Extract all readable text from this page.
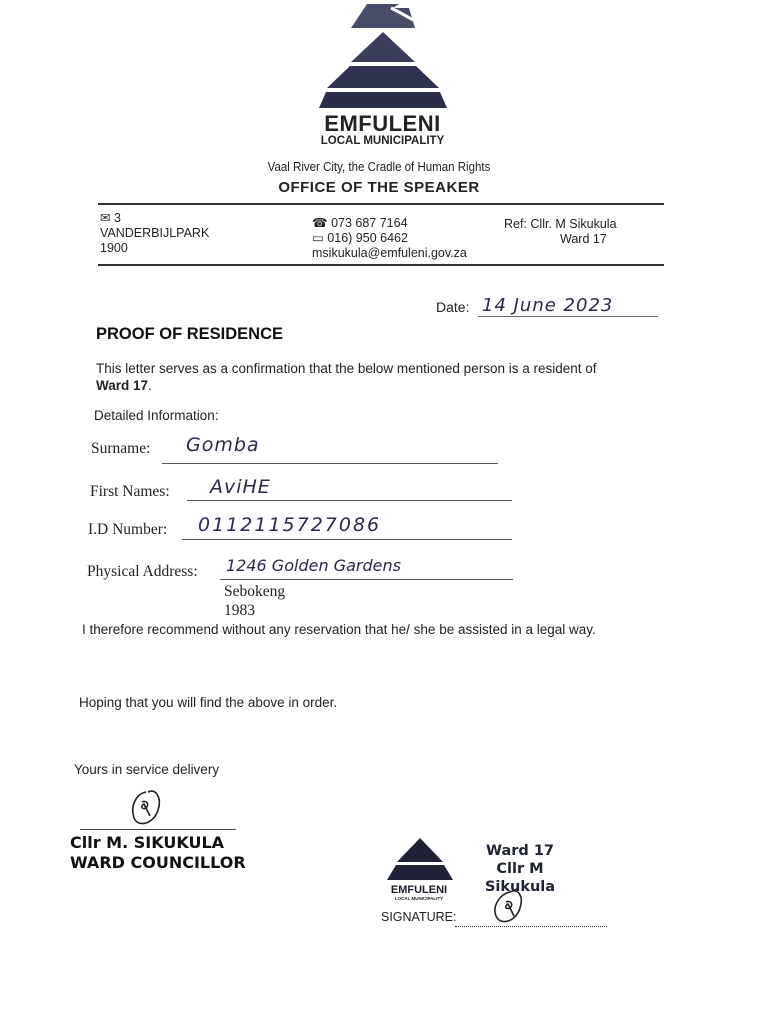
EMFULENI
LOCAL MUNICIPALITY
Vaal River City, the Cradle of Human Rights
OFFICE OF THE SPEAKER
✉ 3
VANDERBIJLPARK
1900
☎ 073 687 7164
▭ 016) 950 6462
msikukula@emfuleni.gov.za
Ref: Cllr. M Sikukula
Ward 17
Date: 14 June 2023
PROOF OF RESIDENCE
This letter serves as a confirmation that the below mentioned person is a resident of
Ward 17.
Detailed Information:
Surname: Gomba
First Names: AviHE
I.D Number: 0112115727086
Physical Address: 1246 Golden Gardens
Sebokeng
1983
I therefore recommend without any reservation that he/ she be assisted in a legal way.
Hoping that you will find the above in order.
Yours in service delivery
Cllr M. SIKUKULA
WARD COUNCILLOR
EMFULENI
LOCAL MUNICIPALITY
Ward 17
Cllr M Sikukula
SIGNATURE:
